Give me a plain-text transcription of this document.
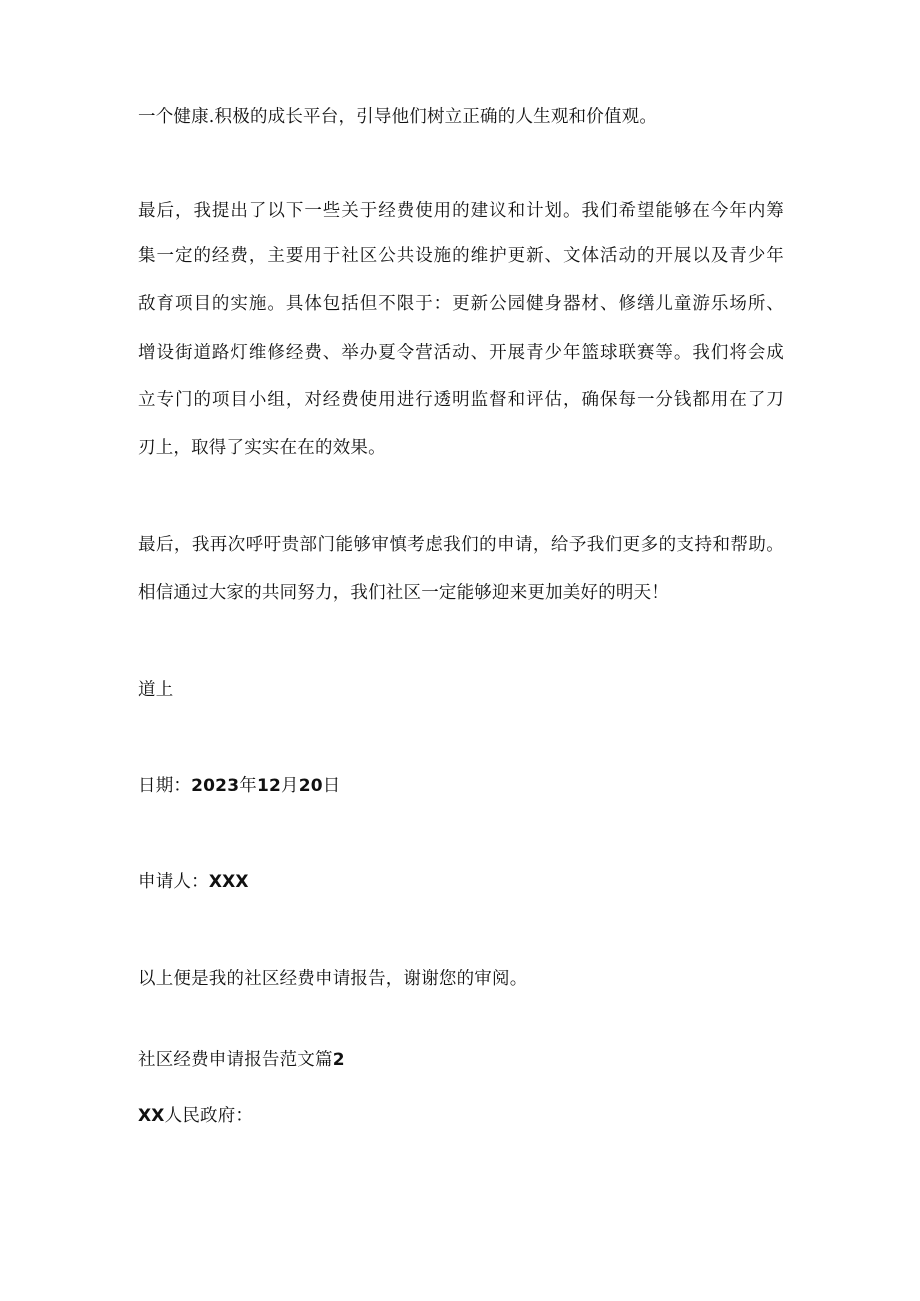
一个健康.积极的成长平台，引导他们树立正确的人生观和价值观。
最后，我提出了以下一些关于经费使用的建议和计划。我们希望能够在今年内筹
集一定的经费，主要用于社区公共设施的维护更新、文体活动的开展以及青少年
敌育项目的实施。具体包括但不限于：更新公园健身器材、修缮儿童游乐场所、
增设街道路灯维修经费、举办夏令营活动、开展青少年篮球联赛等。我们将会成
立专门的项目小组，对经费使用进行透明监督和评估，确保每一分钱都用在了刀
刃上，取得了实实在在的效果。
最后，我再次呼吁贵部门能够审慎考虑我们的申请，给予我们更多的支持和帮助。
相信通过大家的共同努力，我们社区一定能够迎来更加美好的明天！
道上
日期：2023年12月20日
申请人：XXX
以上便是我的社区经费申请报告，谢谢您的审阅。
社区经费申请报告范文篇2
XX人民政府：
